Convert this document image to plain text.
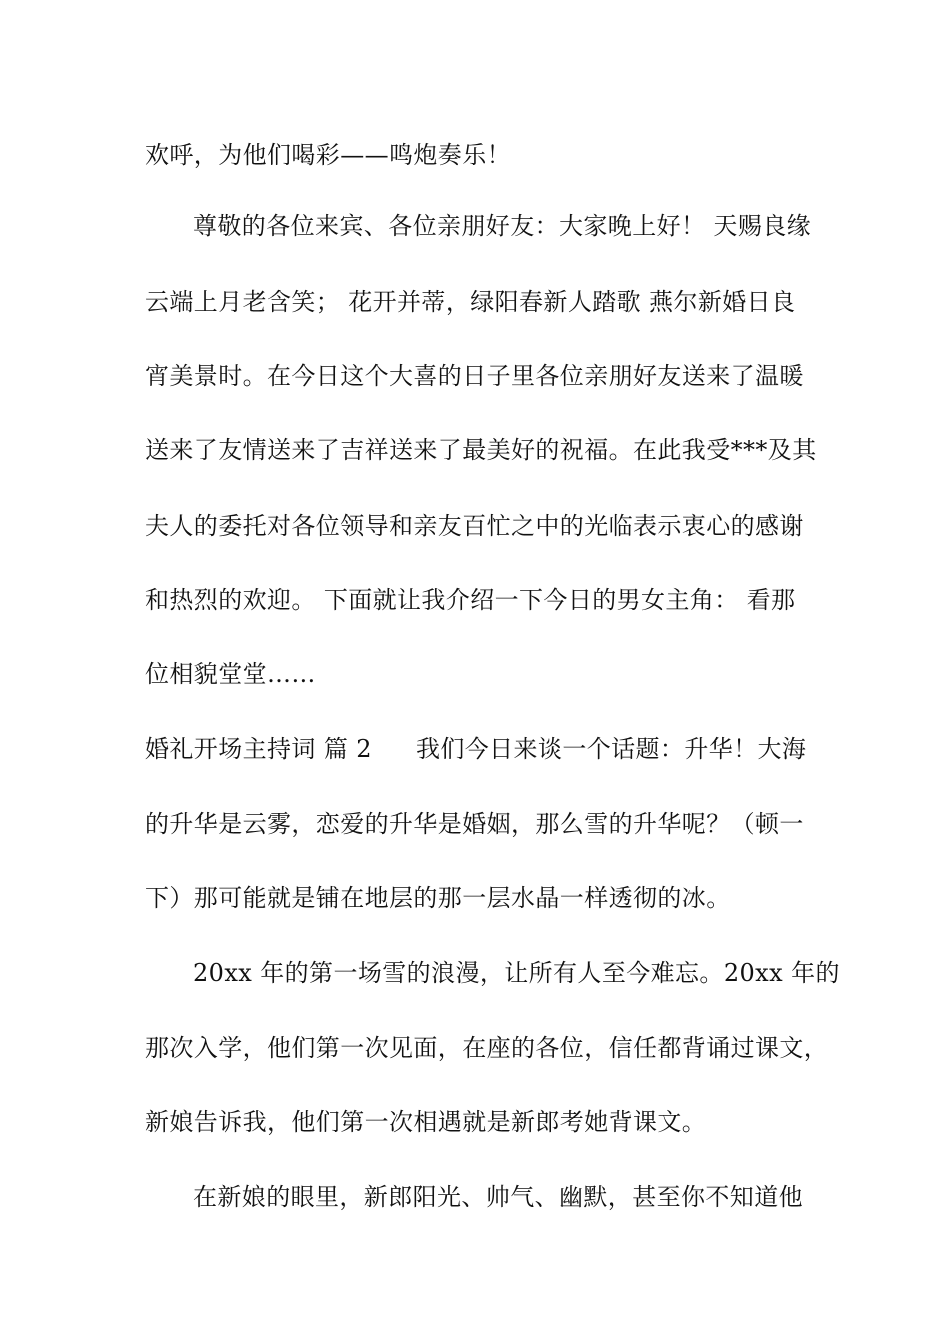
欢呼，为他们喝彩——鸣炮奏乐！
尊敬的各位来宾、各位亲朋好友：大家晚上好！ 天赐良缘
云端上月老含笑； 花开并蒂，绿阳春新人踏歌 燕尔新婚日良
宵美景时。在今日这个大喜的日子里各位亲朋好友送来了温暖
送来了友情送来了吉祥送来了最美好的祝福。在此我受***及其
夫人的委托对各位领导和亲友百忙之中的光临表示衷心的感谢
和热烈的欢迎。 下面就让我介绍一下今日的男女主角： 看那
位相貌堂堂……
婚礼开场主持词 篇 2 我们今日来谈一个话题：升华！大海
的升华是云雾，恋爱的升华是婚姻，那么雪的升华呢？（顿一
下）那可能就是铺在地层的那一层水晶一样透彻的冰。
20xx 年的第一场雪的浪漫，让所有人至今难忘。20xx 年的
那次入学，他们第一次见面，在座的各位，信任都背诵过课文，
新娘告诉我，他们第一次相遇就是新郎考她背课文。
在新娘的眼里，新郎阳光、帅气、幽默，甚至你不知道他
